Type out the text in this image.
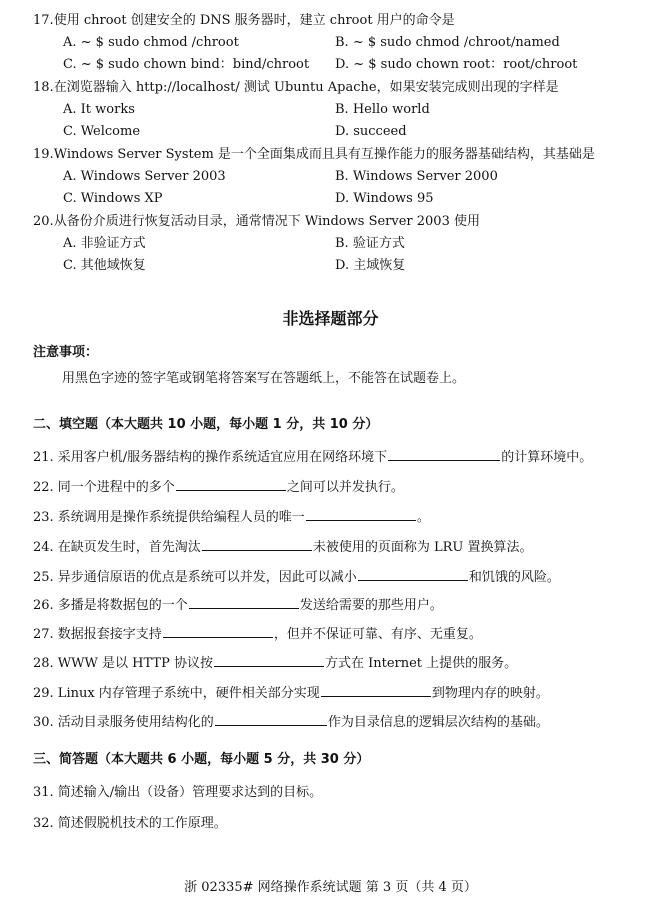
17.使用 chroot 创建安全的 DNS 服务器时，建立 chroot 用户的命令是
A. ~ $ sudo chmod /chroot	B. ~ $ sudo chmod /chroot/named
C. ~ $ sudo chown bind：bind/chroot D. ~ $ sudo chown root：root/chroot
18.在浏览器输入 http://localhost/ 测试 Ubuntu Apache，如果安装完成则出现的字样是
A. It works	B. Hello world
C. Welcome	D. succeed
19.Windows Server System 是一个全面集成而且具有互操作能力的服务器基础结构，其基础是
A. Windows Server 2003	B. Windows Server 2000
C. Windows XP	D. Windows 95
20.从备份介质进行恢复活动目录，通常情况下 Windows Server 2003 使用
A. 非验证方式	B. 验证方式
C. 其他域恢复	D. 主域恢复
非选择题部分
注意事项：
用黑色字迹的签字笔或钢笔将答案写在答题纸上，不能答在试题卷上。
二、填空题（本大题共 10 小题，每小题 1 分，共 10 分）
21. 采用客户机/服务器结构的操作系统适宜应用在网络环境下	的计算环境中。
22. 同一个进程中的多个	之间可以并发执行。
23. 系统调用是操作系统提供给编程人员的唯一	。
24. 在缺页发生时，首先淘汰	未被使用的页面称为 LRU 置换算法。
25. 异步通信原语的优点是系统可以并发，因此可以减小	和饥饿的风险。
26. 多播是将数据包的一个	发送给需要的那些用户。
27. 数据报套接字支持	，但并不保证可靠、有序、无重复。
28. WWW 是以 HTTP 协议按	方式在 Internet 上提供的服务。
29. Linux 内存管理子系统中，硬件相关部分实现	到物理内存的映射。
30. 活动目录服务使用结构化的	作为目录信息的逻辑层次结构的基础。
三、简答题（本大题共 6 小题，每小题 5 分，共 30 分）
31. 简述输入/输出（设备）管理要求达到的目标。
32. 简述假脱机技术的工作原理。
浙 02335# 网络操作系统试题 第 3 页（共 4 页）
